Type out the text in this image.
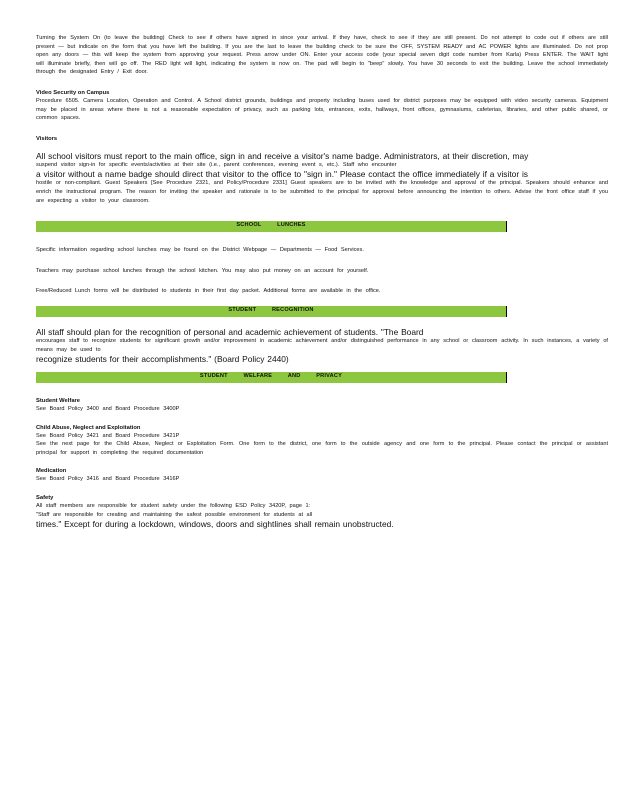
Turning the System On (to leave the building) Check to see if others have signed in since your arrival. If they have, check to see if they are still present. Do not attempt to code out if others are still present — but indicate on the form that you have left the building. If you are the last to leave the building check to be sure the OFF, SYSTEM READY and AC POWER lights are illuminated. Do not prop open any doors — this will keep the system from approving your request. Press arrow under ON. Enter your access code (your special seven digit code number from Karla) Press ENTER. The WAIT light will illuminate briefly, then will go off. The RED light will light, indicating the system is now on. The pad will begin to "beep" slowly. You have 30 seconds to exit the building. Leave the school immediately through the designated Entry / Exit door.

Video Security on Campus

Procedure 6505. Camera Location, Operation and Control. A School district grounds, buildings and property including buses used for district purposes may be equipped with video security cameras. Equipment may be placed in areas where there is not a reasonable expectation of privacy, such as parking lots, entrances, exits, hallways, front offices, gymnasiums, cafeterias, libraries, and other public shared, or common spaces.

Visitors

All school visitors must report to the main office, sign in and receive a visitor's name badge. Administrators, at their discretion, may

suspend visitor sign-in for specific events/activities at their site (i.e., parent conferences, evening event s, etc.). Staff who encounter

a visitor without a name badge should direct that visitor to the office to "sign in." Please contact the office immediately if a visitor is

hostile or non-compliant. Guest Speakers [See Procedure 2321, and Policy/Procedure 2331] Guest speakers are to be invited with the knowledge and approval of the principal. Speakers should enhance and enrich the instructional program. The reason for inviting the speaker and rationale is to be submitted to the principal for approval before announcing the intention to others. Advise the front office staff if you are expecting a visitor to your classroom.

SCHOOL LUNCHES

Specific information regarding school lunches may be found on the District Webpage — Departments — Food Services.

Teachers may purchase school lunches through the school kitchen. You may also put money on an account for yourself.

Free/Reduced Lunch forms will be distributed to students in their first day packet. Additional forms are available in the office.

STUDENT RECOGNITION

All staff should plan for the recognition of personal and academic achievement of students. "The Board

encourages staff to recognize students for significant growth and/or improvement in academic achievement and/or distinguished performance in any school or classroom activity. In such instances, a variety of means may be used to

recognize students for their accomplishments." (Board Policy 2440)

STUDENT WELFARE AND PRIVACY

Student Welfare

See Board Policy 3400 and Board Procedure 3400P

Child Abuse, Neglect and Exploitation

See Board Policy 3421 and Board Procedure 3421P

See the next page for the Child Abuse, Neglect or Exploitation Form. One form to the district, one form to the outside agency and one form to the principal. Please contact the principal or assistant principal for support in completing the required documentation

Medication

See Board Policy 3416 and Board Procedure 3416P

Safety

All staff members are responsible for student safety under the following ESD Policy 3420P, page 1:

"Staff are responsible for creating and maintaining the safest possible environment for students at all

times." Except for during a lockdown, windows, doors and sightlines shall remain unobstructed.
